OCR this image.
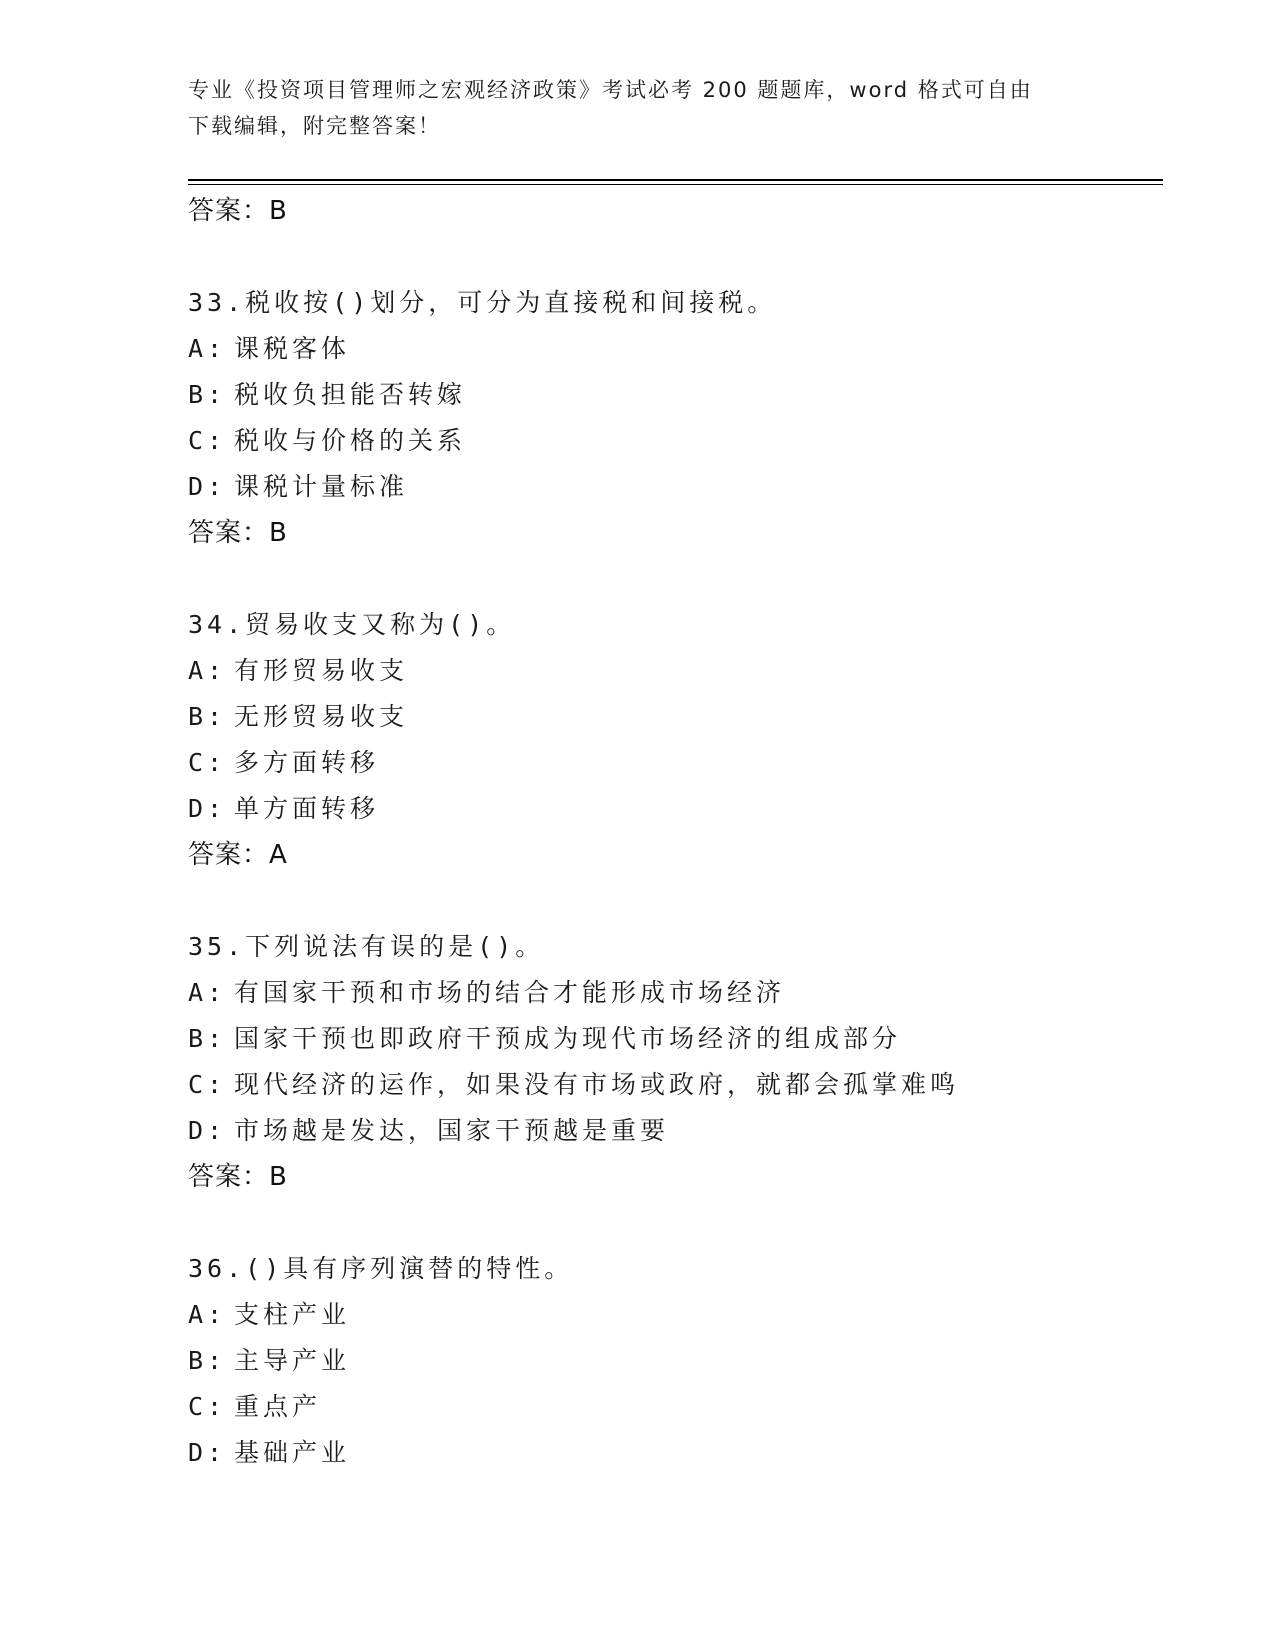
专业《投资项目管理师之宏观经济政策》考试必考 200 题题库，word 格式可自由
下载编辑，附完整答案！
答案：B
33.税收按()划分，可分为直接税和间接税。
A: 课税客体
B: 税收负担能否转嫁
C: 税收与价格的关系
D: 课税计量标准
答案：B
34.贸易收支又称为()。
A: 有形贸易收支
B: 无形贸易收支
C: 多方面转移
D: 单方面转移
答案：A
35.下列说法有误的是()。
A: 有国家干预和市场的结合才能形成市场经济
B: 国家干预也即政府干预成为现代市场经济的组成部分
C: 现代经济的运作，如果没有市场或政府，就都会孤掌难鸣
D: 市场越是发达，国家干预越是重要
答案：B
36.()具有序列演替的特性。
A: 支柱产业
B: 主导产业
C: 重点产
D: 基础产业
